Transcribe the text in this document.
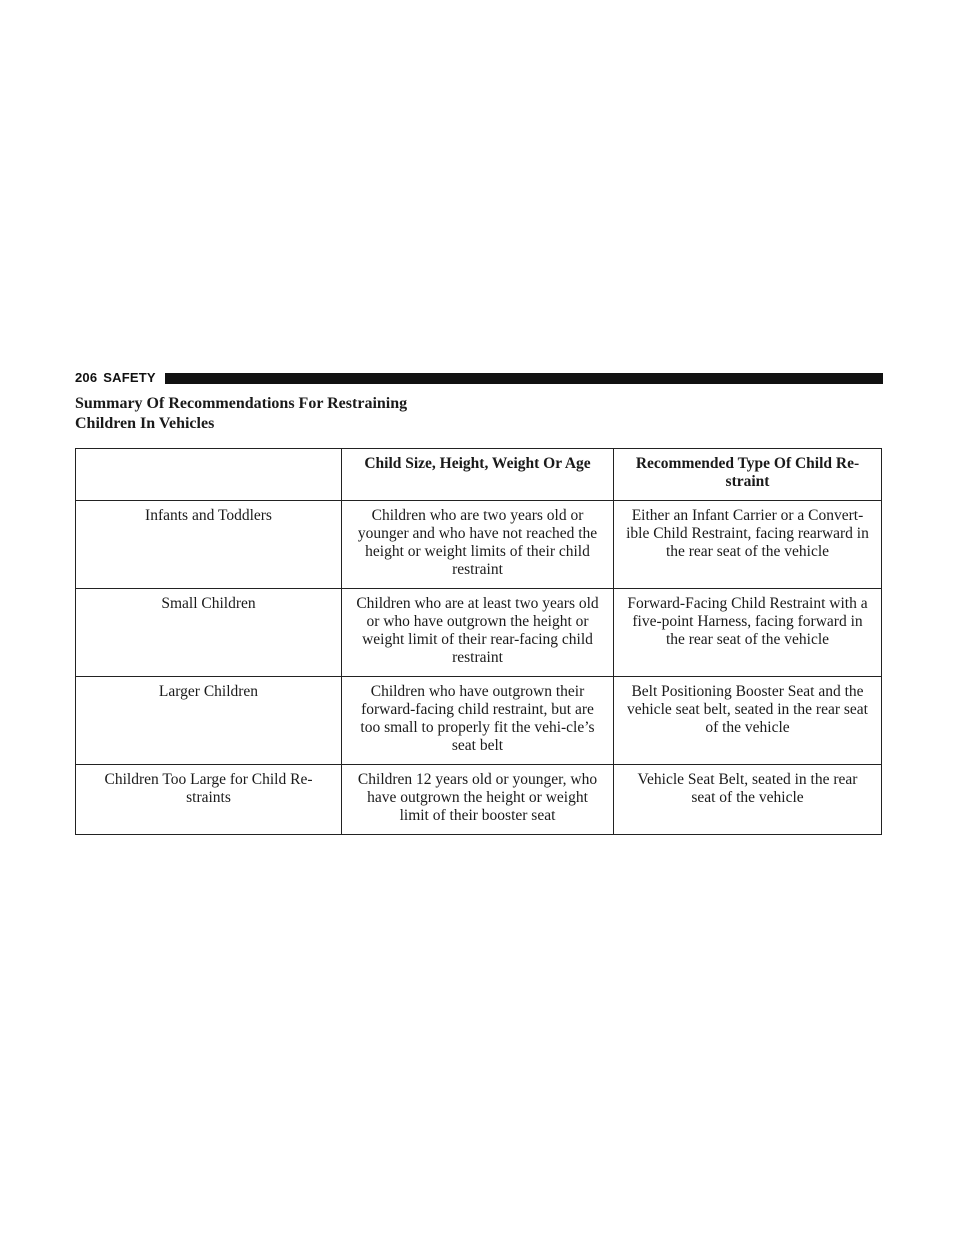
206 SAFETY
Summary Of Recommendations For Restraining
Children In Vehicles
	Child Size, Height, Weight Or Age	Recommended Type Of Child Re-straint
Infants and Toddlers	Children who are two years old or younger and who have not reached the height or weight limits of their child restraint	Either an Infant Carrier or a Convert-ible Child Restraint, facing rearward in the rear seat of the vehicle
Small Children	Children who are at least two years old or who have outgrown the height or weight limit of their rear-facing child restraint	Forward-Facing Child Restraint with a five-point Harness, facing forward in the rear seat of the vehicle
Larger Children	Children who have outgrown their forward-facing child restraint, but are too small to properly fit the vehi-cle’s seat belt	Belt Positioning Booster Seat and the vehicle seat belt, seated in the rear seat of the vehicle
Children Too Large for Child Re-straints	Children 12 years old or younger, who have outgrown the height or weight limit of their booster seat	Vehicle Seat Belt, seated in the rear seat of the vehicle
